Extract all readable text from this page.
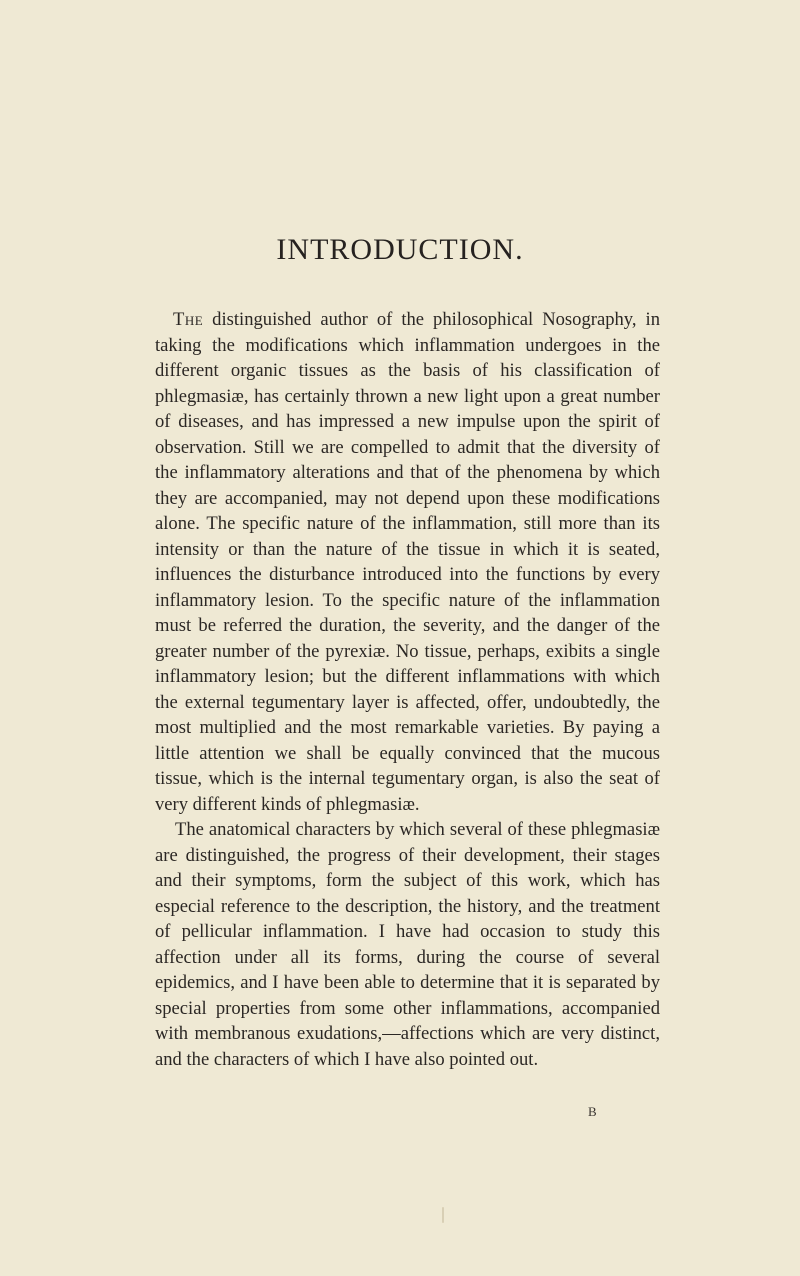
INTRODUCTION.

The distinguished author of the philosophical Nosography, in taking the modifications which inflammation undergoes in the different organic tissues as the basis of his classification of phlegmasiæ, has certainly thrown a new light upon a great number of diseases, and has impressed a new impulse upon the spirit of observation. Still we are compelled to admit that the diversity of the inflammatory alterations and that of the phenomena by which they are accompanied, may not depend upon these modifications alone. The specific nature of the inflammation, still more than its intensity or than the nature of the tissue in which it is seated, influences the disturbance introduced into the functions by every inflammatory lesion. To the specific nature of the inflammation must be referred the duration, the severity, and the danger of the greater number of the pyrexiæ. No tissue, perhaps, exibits a single inflammatory lesion; but the different inflammations with which the external tegumentary layer is affected, offer, undoubtedly, the most multiplied and the most remarkable varieties. By paying a little attention we shall be equally convinced that the mucous tissue, which is the internal tegumentary organ, is also the seat of very different kinds of phlegmasiæ.

The anatomical characters by which several of these phlegmasiæ are distinguished, the progress of their development, their stages and their symptoms, form the subject of this work, which has especial reference to the description, the history, and the treatment of pellicular inflammation. I have had occasion to study this affection under all its forms, during the course of several epidemics, and I have been able to determine that it is separated by special properties from some other inflammations, accompanied with membranous exudations,—affections which are very distinct, and the characters of which I have also pointed out.

B
